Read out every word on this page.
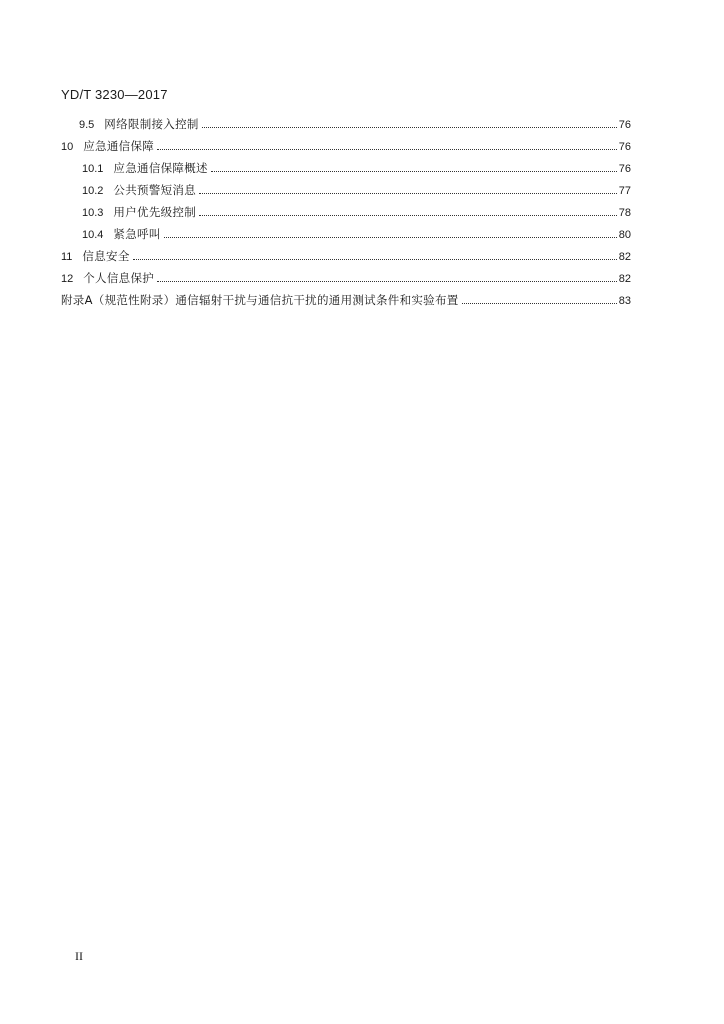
YD/T 3230—2017
9.5 网络限制接入控制	76
10 应急通信保障	76
10.1 应急通信保障概述	76
10.2 公共预警短消息	77
10.3 用户优先级控制	78
10.4 紧急呼叫	80
11 信息安全	82
12 个人信息保护	82
附录A（规范性附录）通信辐射干扰与通信抗干扰的通用测试条件和实验布置	83
II
